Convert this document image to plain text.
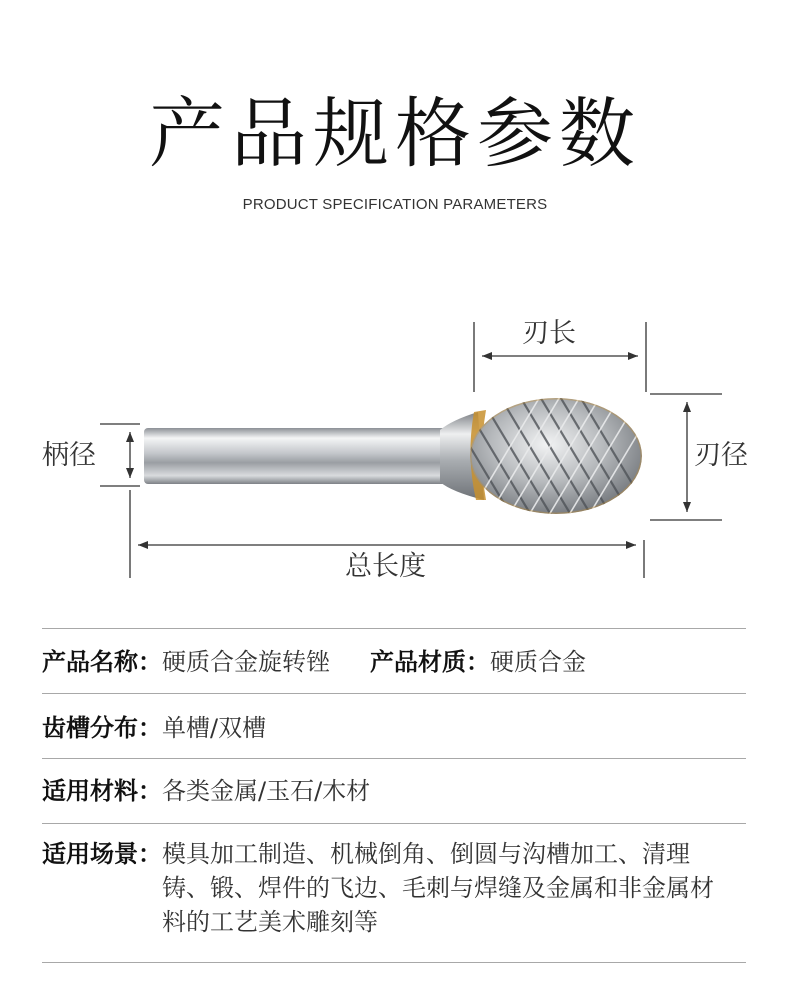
产品规格参数
PRODUCT SPECIFICATION PARAMETERS
刃长
柄径	刃径
总长度
产品名称： 硬质合金旋转锉 产品材质： 硬质合金
齿槽分布： 单槽/双槽
适用材料： 各类金属/玉石/木材
适用场景： 模具加工制造、机械倒角、倒圆与沟槽加工、清理铸、锻、焊件的飞边、毛刺与焊缝及金属和非金属材料的工艺美术雕刻等
